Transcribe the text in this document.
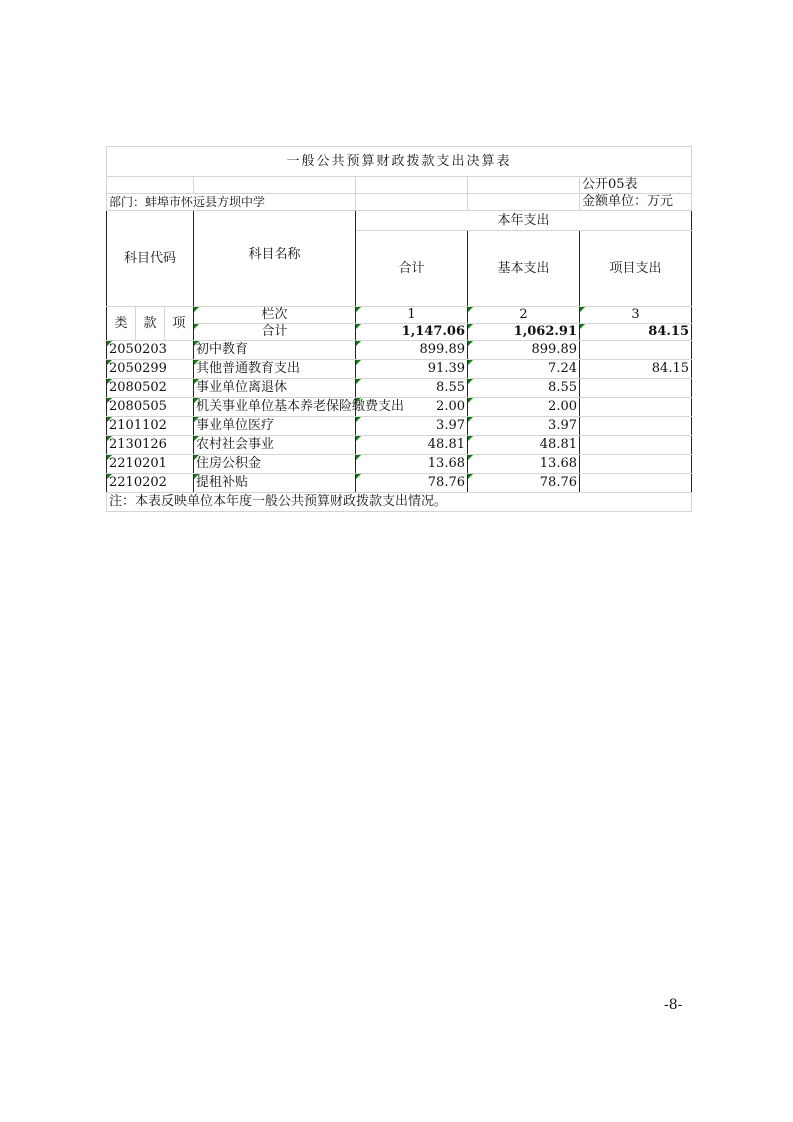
一般公共预算财政拨款支出决算表						
						公开05表
部门：蚌埠市怀远县方坝中学						金额单位：万元
科目代码			科目名称	本年支出		
				合计	基本支出	项目支出
类	款	项	栏次	1	2	3
			合计	1,147.06	1,062.91	84.15
2050203			初中教育	899.89	899.89	
2050299			其他普通教育支出	91.39	7.24	84.15
2080502			事业单位离退休	8.55	8.55	
2080505			机关事业单位基本养老保险缴费支出	2.00	2.00	
2101102			事业单位医疗	3.97	3.97	
2130126			农村社会事业	48.81	48.81	
2210201			住房公积金	13.68	13.68	
2210202			提租补贴	78.76	78.76	
注：本表反映单位本年度一般公共预算财政拨款支出情况。						
-8-
